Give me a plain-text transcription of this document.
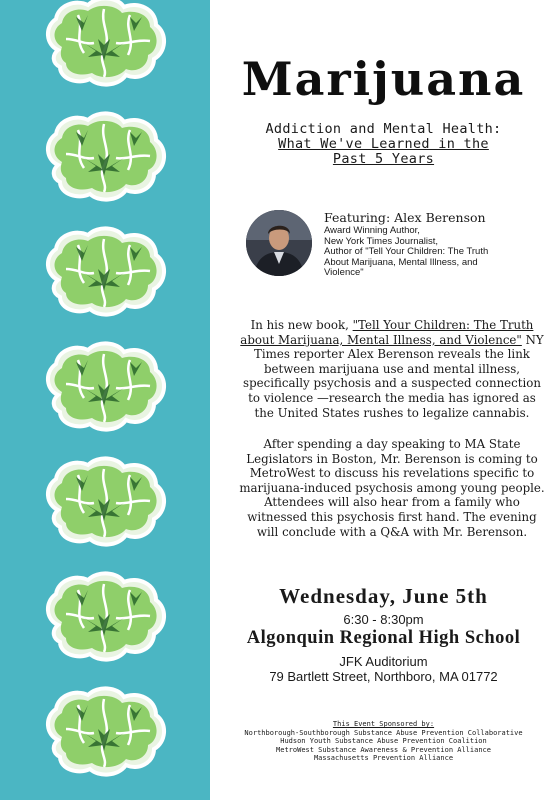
Marijuana
Addiction and Mental Health:
What We've Learned in the
Past 5 Years
Featuring: Alex Berenson
Award Winning Author,
New York Times Journalist,
Author of "Tell Your Children: The Truth
About Marijuana, Mental Illness, and
Violence"
In his new book, "Tell Your Children: The Truth about Marijuana, Mental Illness, and Violence" NY Times reporter Alex Berenson reveals the link between marijuana use and mental illness, specifically psychosis and a suspected connection to violence —research the media has ignored as the United States rushes to legalize cannabis.
After spending a day speaking to MA State Legislators in Boston, Mr. Berenson is coming to MetroWest to discuss his revelations specific to marijuana-induced psychosis among young people. Attendees will also hear from a family who witnessed this psychosis first hand. The evening will conclude with a Q&A with Mr. Berenson.
Wednesday, June 5th
6:30 - 8:30pm
Algonquin Regional High School
JFK Auditorium
79 Bartlett Street, Northboro, MA 01772
This Event Sponsored by:
Northborough-Southborough Substance Abuse Prevention Collaborative
Hudson Youth Substance Abuse Prevention Coalition
MetroWest Substance Awareness & Prevention Alliance
Massachusetts Prevention Alliance
